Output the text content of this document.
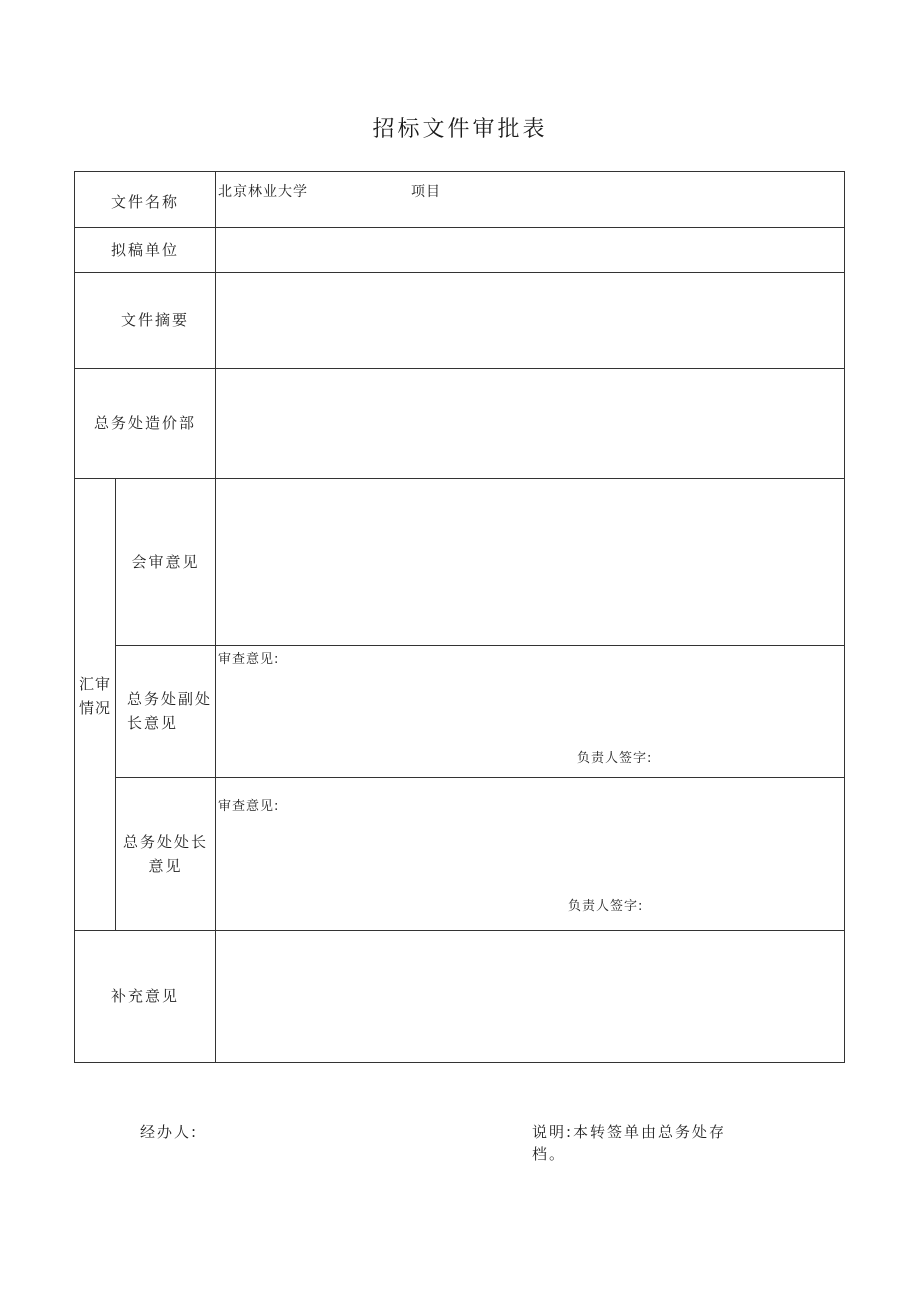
招标文件审批表
文件名称
北京林业大学	项目
拟稿单位
文件摘要
总务处造价部
汇审
情况
会审意见
总务处副处
长意见
审查意见:
负责人签字:
总务处处长
意见
审查意见:
负责人签字:
补充意见
经办人:	说明:本转签单由总务处存
档。
